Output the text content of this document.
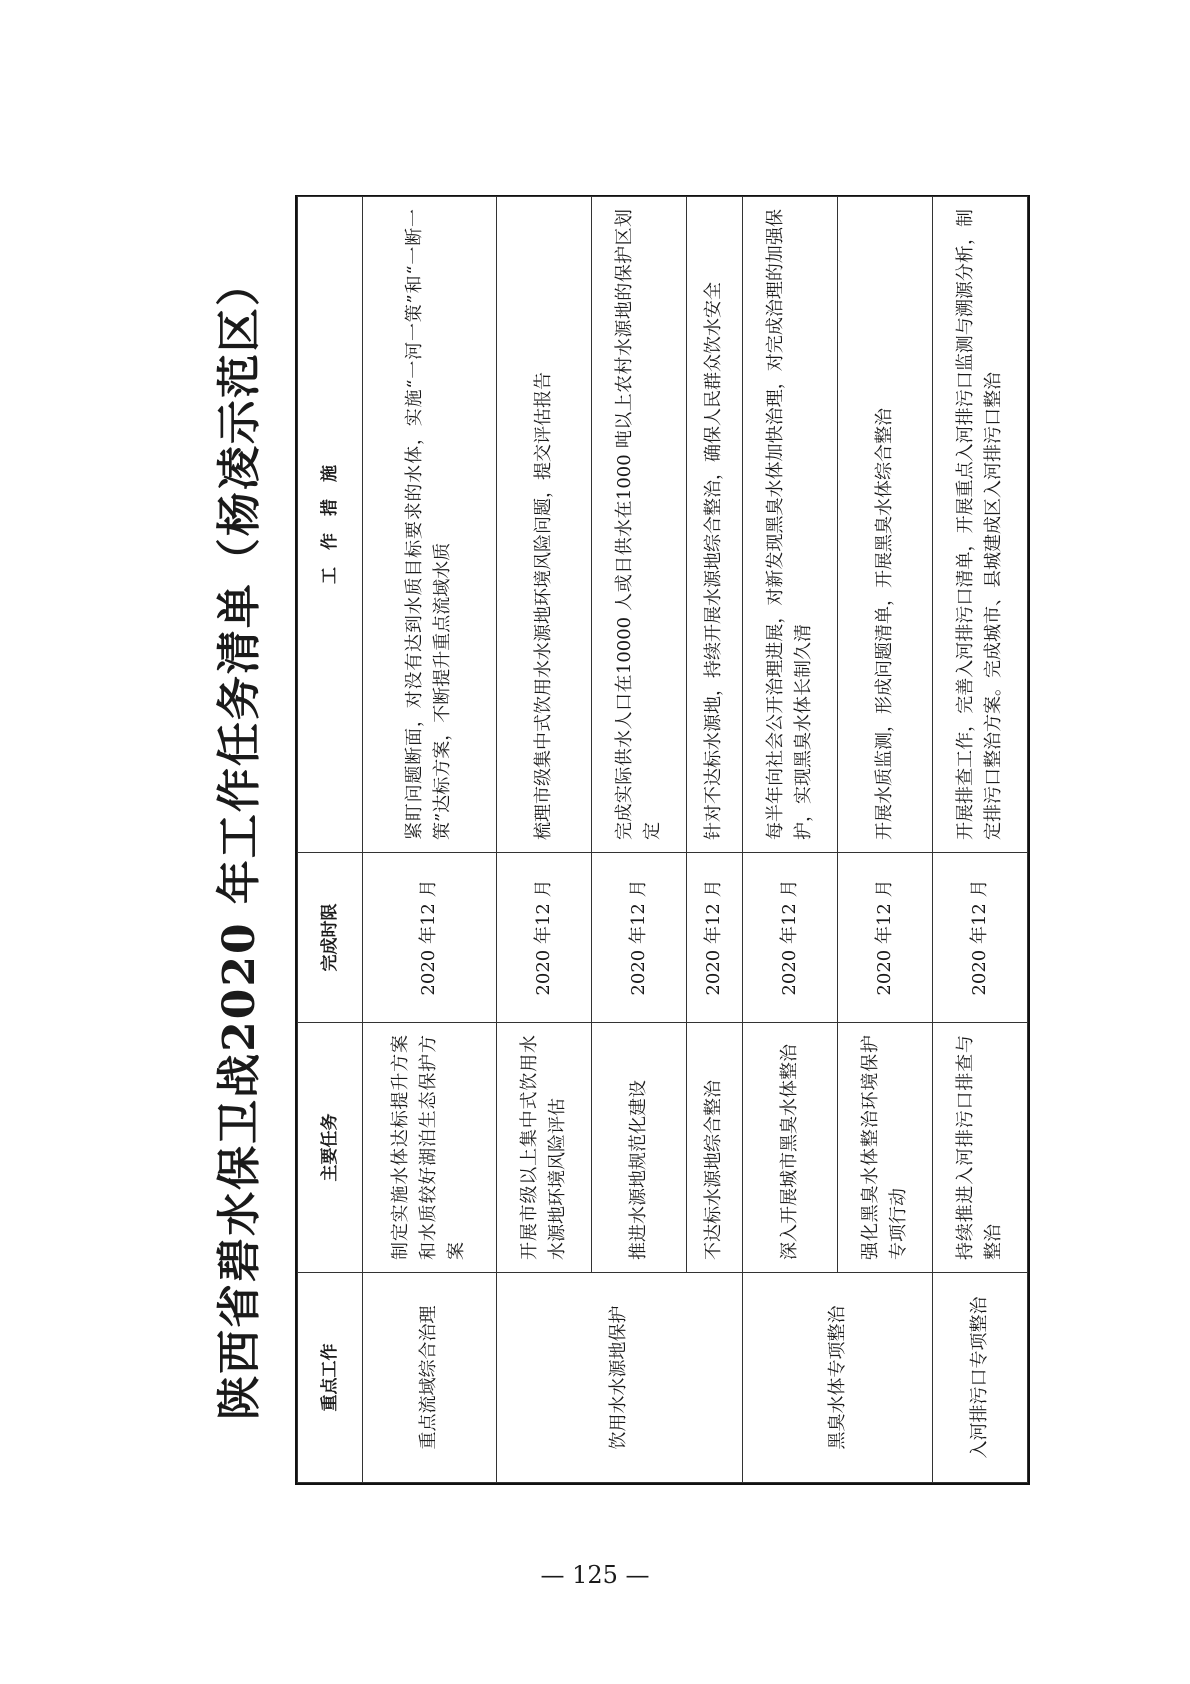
陕西省碧水保卫战2020 年工作任务清单（杨凌示范区）	重点工作	主要任务	完成时限	工　作　措　施
重点流域综合治理	制定实施水体达标提升方案和水质较好湖泊生态保护方案	2020 年12 月	紧盯问题断面，对没有达到水质目标要求的水体，实施“一河一策”和“一断一策”达标方案，不断提升重点流域水质
饮用水水源地保护	开展市级以上集中式饮用水水源地环境风险评估	2020 年12 月	梳理市级集中式饮用水水源地环境风险问题，提交评估报告
	推进水源地规范化建设	2020 年12 月	完成实际供水人口在10000 人或日供水在1000 吨以上农村水源地的保护区划定
	不达标水源地综合整治	2020 年12 月	针对不达标水源地，持续开展水源地综合整治，确保人民群众饮水安全
黑臭水体专项整治	深入开展城市黑臭水体整治	2020 年12 月	每半年向社会公开治理进展，对新发现黑臭水体加快治理，对完成治理的加强保护，实现黑臭水体长制久清
	强化黑臭水体整治环境保护专项行动	2020 年12 月	开展水质监测，形成问题清单，开展黑臭水体综合整治
入河排污口专项整治	持续推进入河排污口排查与整治	2020 年12 月	开展排查工作，完善入河排污口清单，开展重点入河排污口监测与溯源分析，制定排污口整治方案。完成城市、县城建成区入河排污口整治
— 125 —
